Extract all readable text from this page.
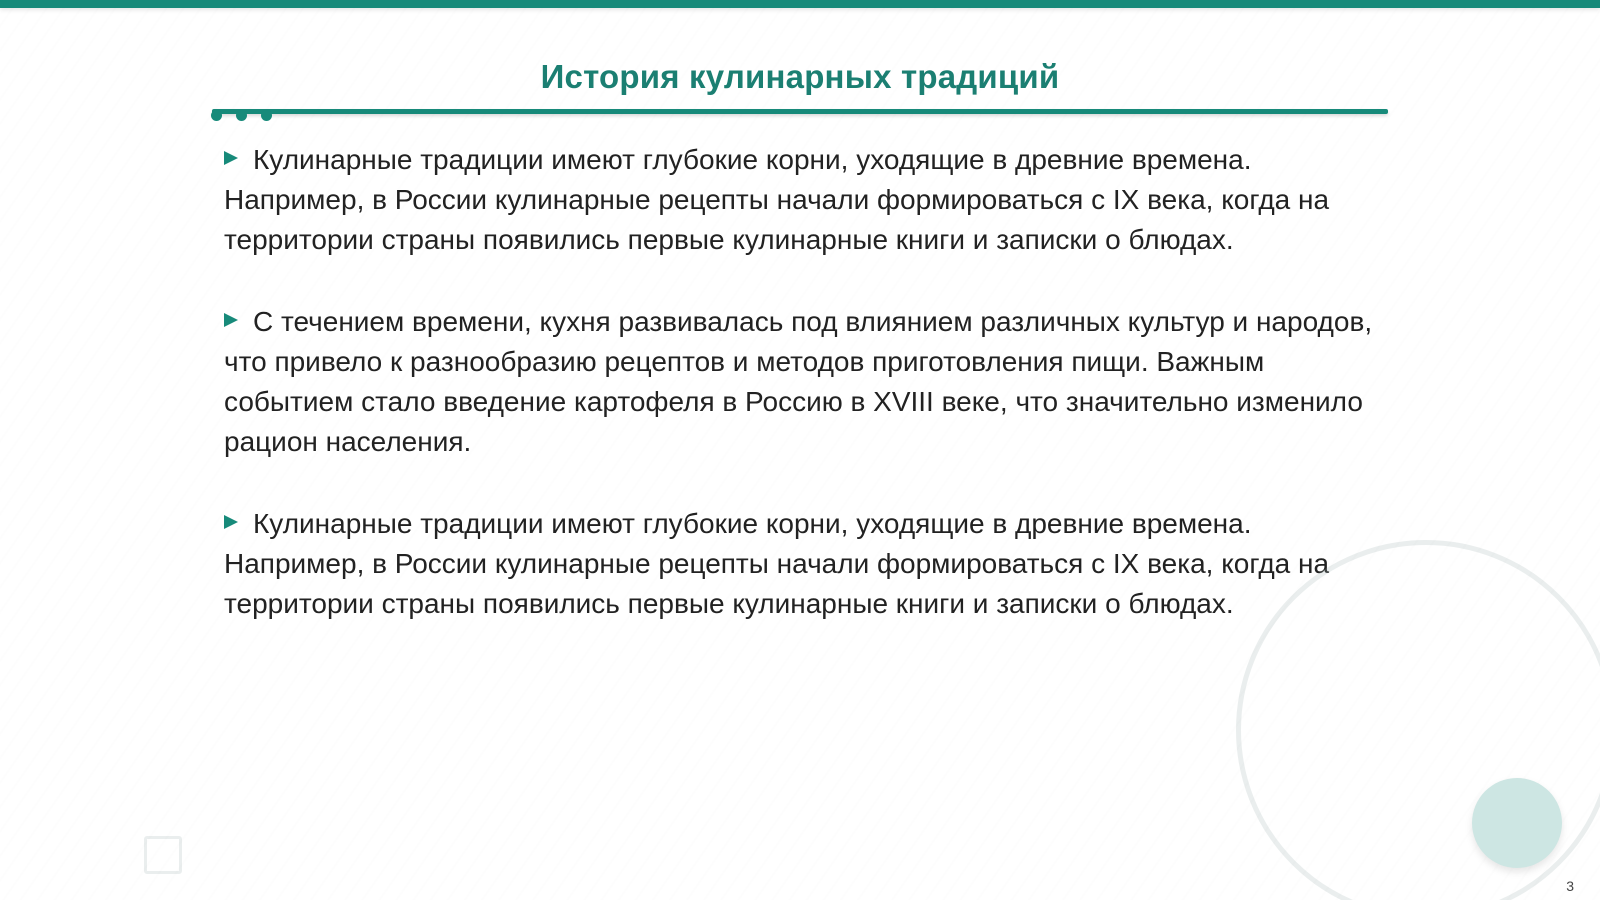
История кулинарных традиций
Кулинарные традиции имеют глубокие корни, уходящие в древние времена. Например, в России кулинарные рецепты начали формироваться с IX века, когда на территории страны появились первые кулинарные книги и записки о блюдах.
С течением времени, кухня развивалась под влиянием различных культур и народов, что привело к разнообразию рецептов и методов приготовления пищи. Важным событием стало введение картофеля в Россию в XVIII веке, что значительно изменило рацион населения.
Кулинарные традиции имеют глубокие корни, уходящие в древние времена. Например, в России кулинарные рецепты начали формироваться с IX века, когда на территории страны появились первые кулинарные книги и записки о блюдах.
3
